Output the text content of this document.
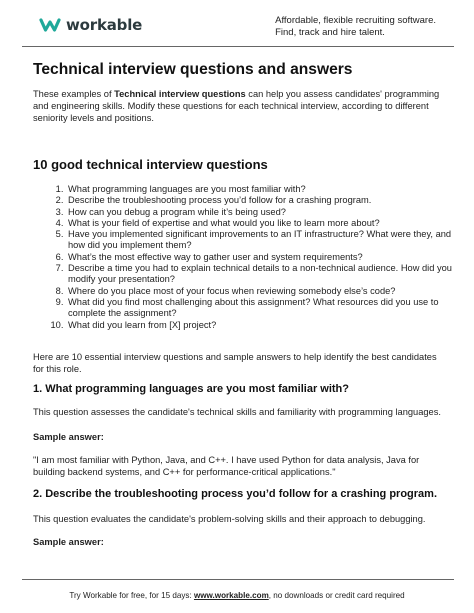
workable	Affordable, flexible recruiting software.
Find, track and hire talent.
Technical interview questions and answers

These examples of Technical interview questions can help you assess candidates' programming and engineering skills. Modify these questions for each technical interview, according to different seniority levels and positions.

10 good technical interview questions
1. What programming languages are you most familiar with?
2. Describe the troubleshooting process you’d follow for a crashing program.
3. How can you debug a program while it’s being used?
4. What is your field of expertise and what would you like to learn more about?
5. Have you implemented significant improvements to an IT infrastructure? What were they, and how did you implement them?
6. What’s the most effective way to gather user and system requirements?
7. Describe a time you had to explain technical details to a non-technical audience. How did you modify your presentation?
8. Where do you place most of your focus when reviewing somebody else’s code?
9. What did you find most challenging about this assignment? What resources did you use to complete the assignment?
10. What did you learn from [X] project?

Here are 10 essential interview questions and sample answers to help identify the best candidates for this role.

1. What programming languages are you most familiar with?

This question assesses the candidate's technical skills and familiarity with programming languages.

Sample answer:

"I am most familiar with Python, Java, and C++. I have used Python for data analysis, Java for building backend systems, and C++ for performance-critical applications."

2. Describe the troubleshooting process you’d follow for a crashing program.

This question evaluates the candidate's problem-solving skills and their approach to debugging.

Sample answer:

Try Workable for free, for 15 days: www.workable.com, no downloads or credit card required
